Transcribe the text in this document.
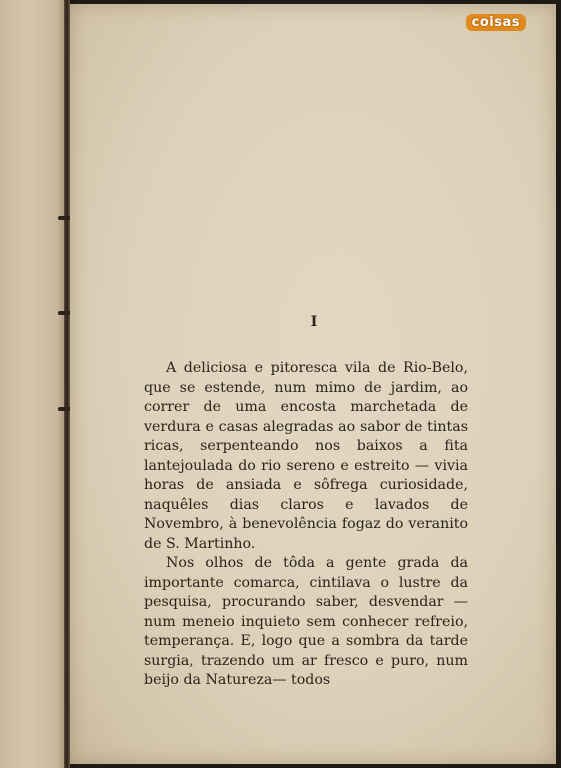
coisas
I

A deliciosa e pitoresca vila de Rio-Belo, que se estende, num mimo de jardim, ao correr de uma encosta marchetada de verdura e casas alegradas ao sabor de tintas ricas, serpenteando nos baixos a fita lantejoulada do rio sereno e estreito — vivia horas de ansiada e sôfrega curiosidade, naquêles dias claros e lavados de Novembro, à benevolência fogaz do veranito de S. Martinho.

Nos olhos de tôda a gente grada da importante comarca, cintilava o lustre da pesquisa, procurando saber, desvendar — num meneio inquieto sem conhecer refreio, temperança. E, logo que a sombra da tarde surgia, trazendo um ar fresco e puro, num beijo da Natureza— todos
